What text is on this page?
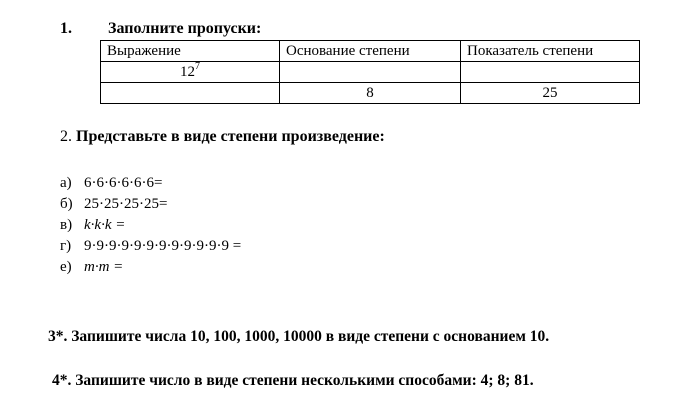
1. Заполните пропуски:
Выражение	Основание степени	Показатель степени
$12^7$		
	8	25
2. Представьте в виде степени произведение:
а) 6·6·6·6·6·6=
б) 25·25·25·25=
в) k·k·k =
г) 9·9·9·9·9·9·9·9·9·9·9·9 =
е) m·m =
3*. Запишите числа 10, 100, 1000, 10000 в виде степени с основанием 10.
4*. Запишите число в виде степени несколькими способами: 4; 8; 81.
